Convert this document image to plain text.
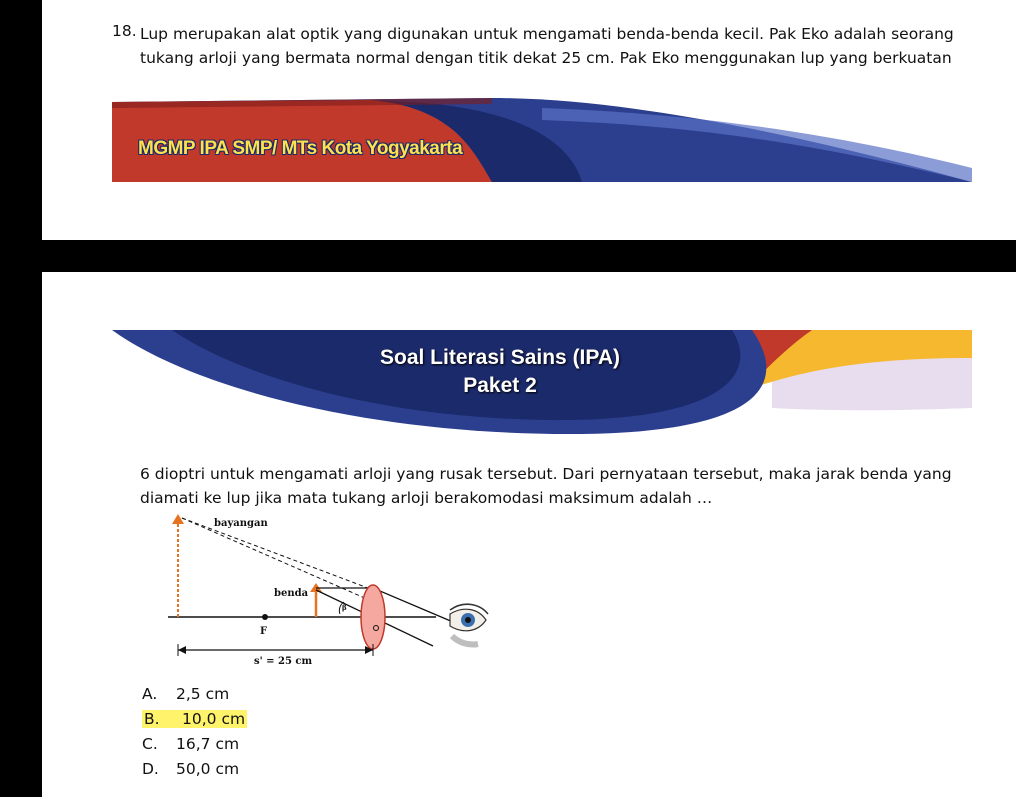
18. Lup merupakan alat optik yang digunakan untuk mengamati benda-benda kecil. Pak Eko adalah seorang
tukang arloji yang bermata normal dengan titik dekat 25 cm. Pak Eko menggunakan lup yang berkuatan
MGMP IPA SMP/ MTs Kota Yogyakarta
Soal Literasi Sains (IPA)
Paket 2
6 dioptri untuk mengamati arloji yang rusak tersebut. Dari pernyataan tersebut, maka jarak benda yang
diamati ke lup jika mata tukang arloji berakomodasi maksimum adalah …
bayangan
benda
F
β
s' = 25 cm
A. 2,5 cm
B. 10,0 cm
C. 16,7 cm
D. 50,0 cm
